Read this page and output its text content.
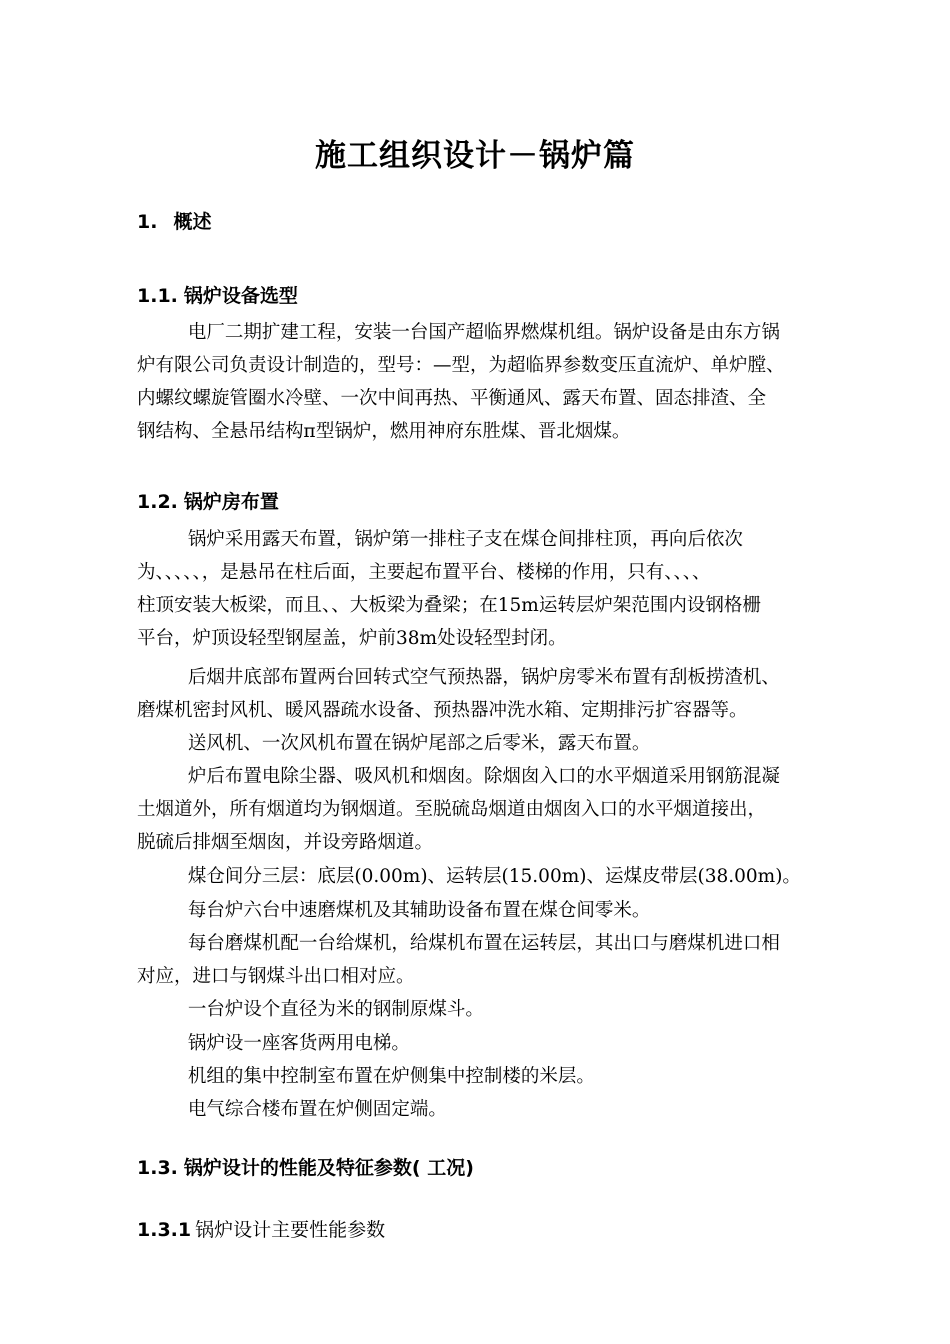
施工组织设计－锅炉篇
1. 概述
1.1. 锅炉设备选型
电厂二期扩建工程，安装一台国产超临界燃煤机组。锅炉设备是由东方锅
炉有限公司负责设计制造的，型号：—型，为超临界参数变压直流炉、单炉膛、
内螺纹螺旋管圈水冷壁、一次中间再热、平衡通风、露天布置、固态排渣、全
钢结构、全悬吊结构п型锅炉，燃用神府东胜煤、晋北烟煤。
1.2. 锅炉房布置
锅炉采用露天布置，锅炉第一排柱子支在煤仓间排柱顶，再向后依次
为、、、、、，是悬吊在柱后面，主要起布置平台、楼梯的作用，只有、、、、
柱顶安装大板梁，而且、、大板梁为叠梁；在15m运转层炉架范围内设钢格栅
平台，炉顶设轻型钢屋盖，炉前38m处设轻型封闭。
后烟井底部布置两台回转式空气预热器，锅炉房零米布置有刮板捞渣机、
磨煤机密封风机、暖风器疏水设备、预热器冲洗水箱、定期排污扩容器等。
送风机、一次风机布置在锅炉尾部之后零米，露天布置。
炉后布置电除尘器、吸风机和烟囱。除烟囱入口的水平烟道采用钢筋混凝
土烟道外，所有烟道均为钢烟道。至脱硫岛烟道由烟囱入口的水平烟道接出，
脱硫后排烟至烟囱，并设旁路烟道。
煤仓间分三层：底层(0.00m)、运转层(15.00m)、运煤皮带层(38.00m)。
每台炉六台中速磨煤机及其辅助设备布置在煤仓间零米。
每台磨煤机配一台给煤机，给煤机布置在运转层，其出口与磨煤机进口相
对应，进口与钢煤斗出口相对应。
一台炉设个直径为米的钢制原煤斗。
锅炉设一座客货两用电梯。
机组的集中控制室布置在炉侧集中控制楼的米层。
电气综合楼布置在炉侧固定端。
1.3. 锅炉设计的性能及特征参数( 工况)
1.3.1 锅炉设计主要性能参数
